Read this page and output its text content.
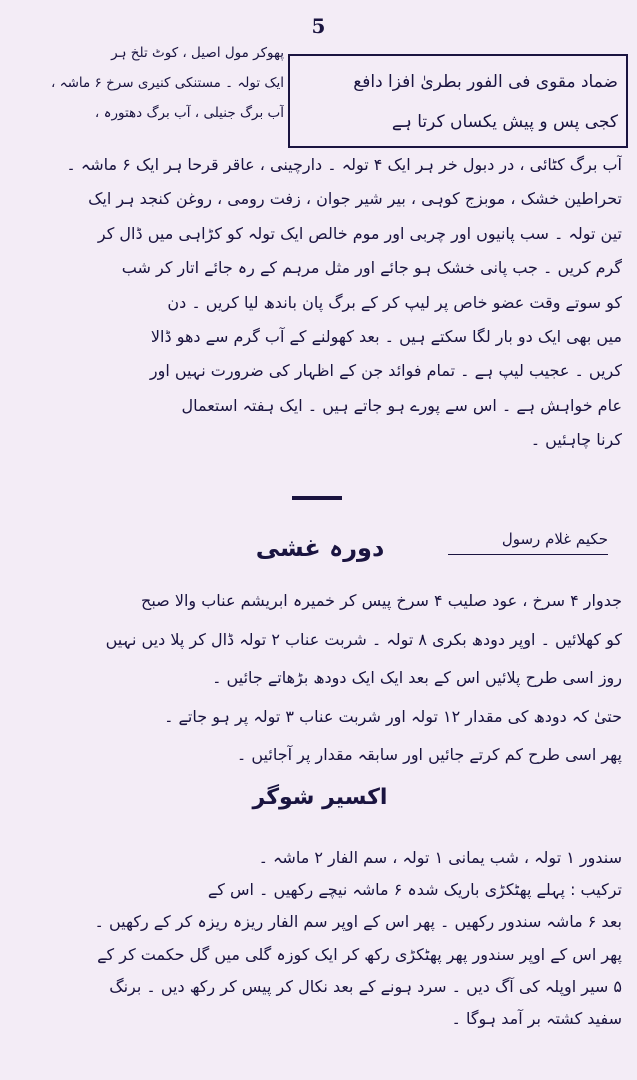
5
ضماد مقوی فی الفور بطریٰ افزا دافع
کجی پس و پیش یکساں کرتا ہے
پھوکر مول اصیل ، کوٹ تلخ ہر
ایک تولہ ۔ مستنکی کنیری سرخ ۶ ماشہ ،
آب برگ جنیلی ، آب برگ دھتورہ ،
آب برگ کٹائی ، در دبول خر ہر ایک ۴ تولہ ۔ دارچینی ، عاقر قرحا ہر ایک ۶ ماشہ ۔
تحراطین خشک ، موبزج کوہی ، بیر شیر جوان ، زفت رومی ، روغن کنجد ہر ایک
تین تولہ ۔ سب پانیوں اور چربی اور موم خالص ایک تولہ کو کڑاہی میں ڈال کر
گرم کریں ۔ جب پانی خشک ہو جائے اور مثل مرہم کے رہ جائے اتار کر شب
کو سوتے وقت عضو خاص پر لیپ کر کے برگ پان باندھ لیا کریں ۔ دن
میں بھی ایک دو بار لگا سکتے ہیں ۔ بعد کھولنے کے آب گرم سے دھو ڈالا
کریں ۔ عجیب لیپ ہے ۔ تمام فوائد جن کے اظہار کی ضرورت نہیں اور
عام خواہش ہے ۔ اس سے پورے ہو جاتے ہیں ۔ ایک ہفتہ استعمال
کرنا چاہئیں ۔
حکیم غلام رسول
دورہ غشی
جدوار ۴ سرخ ، عود صلیب ۴ سرخ پیس کر خمیرہ ابریشم عناب والا صبح
کو کھلائیں ۔ اوپر دودھ بکری ۸ تولہ ۔ شربت عناب ۲ تولہ ڈال کر پلا دیں نہیں
روز اسی طرح پلائیں اس کے بعد ایک ایک دودھ بڑھاتے جائیں ۔
حتیٰ کہ دودھ کی مقدار ۱۲ تولہ اور شربت عناب ۳ تولہ پر ہو جاتے ۔
پھر اسی طرح کم کرتے جائیں اور سابقہ مقدار پر آجائیں ۔
اکسیر شوگر
سندور ۱ تولہ ، شب یمانی ۱ تولہ ، سم الفار ۲ ماشہ ۔
ترکیب : پہلے پھٹکڑی باریک شدہ ۶ ماشہ نیچے رکھیں ۔ اس کے
بعد ۶ ماشہ سندور رکھیں ۔ پھر اس کے اوپر سم الفار ریزہ ریزہ کر کے رکھیں ۔
پھر اس کے اوپر سندور پھر پھٹکڑی رکھ کر ایک کوزہ گلی میں گل حکمت کر کے
۵ سیر اوپلہ کی آگ دیں ۔ سرد ہونے کے بعد نکال کر پیس کر رکھ دیں ۔ برنگ
سفید کشتہ بر آمد ہوگا ۔
